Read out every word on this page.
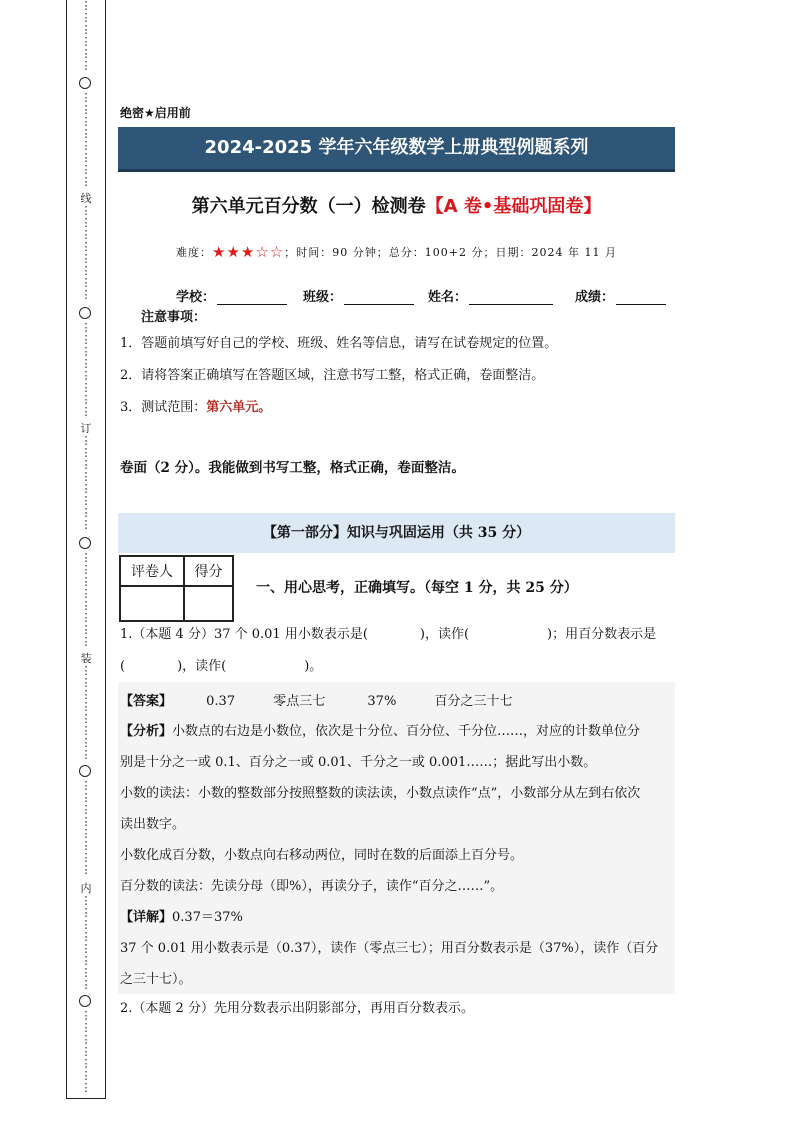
⋮
⋮
⋮
⋮
⋮
⋮
⋮
⋮
⋮
⋮
⋮
⋮
⋮
⋮
⋮
⋮
⋮
⋮
⋮
⋮
⋮
⋮
⋮
⋮
⋮
⋮
⋮
⋮
⋮
⋮
⋮
⋮
⋮
⋮
⋮
⋮
⋮
⋮
⋮
⋮
⋮
⋮
⋮
⋮
⋮
⋮
⋮
⋮
⋮
⋮
⋮
⋮
⋮
⋮
⋮
⋮
⋮
⋮
⋮
⋮
⋮
⋮
⋮
⋮
⋮
⋮
⋮
⋮
⋮
⋮
⋮
⋮
⋮
⋮
⋮
⋮
⋮
线
订
装
内
绝密★启用前
2024-2025 学年六年级数学上册典型例题系列
第六单元百分数（一）检测卷【A 卷•基础巩固卷】
难度：★★★☆☆；时间：90 分钟；总分：100+2 分；日期：2024 年 11 月
学校：	班级：	姓名：	成绩：
注意事项：
1．答题前填写好自己的学校、班级、姓名等信息，请写在试卷规定的位置。
2．请将答案正确填写在答题区域，注意书写工整，格式正确，卷面整洁。
3．测试范围：第六单元。
卷面（2 分）。我能做到书写工整，格式正确，卷面整洁。
【第一部分】知识与巩固运用（共 35 分）
评卷人	得分

一、用心思考，正确填写。（每空 1 分，共 25 分）
1.（本题 4 分）37 个 0.01 用小数表示是(　　　　)，读作(　　　　　　)；用百分数表示是
(　　　　)，读作(　　　　　　)。
【答案】	0.37	零点三七	37%	百分之三十七
【分析】小数点的右边是小数位，依次是十分位、百分位、千分位……，对应的计数单位分
别是十分之一或 0.1、百分之一或 0.01、千分之一或 0.001……；据此写出小数。
小数的读法：小数的整数部分按照整数的读法读，小数点读作“点”，小数部分从左到右依次
读出数字。
小数化成百分数，小数点向右移动两位，同时在数的后面添上百分号。
百分数的读法：先读分母（即%），再读分子，读作“百分之……”。
【详解】0.37＝37%
37 个 0.01 用小数表示是（0.37），读作（零点三七）；用百分数表示是（37%），读作（百分
之三十七）。
2.（本题 2 分）先用分数表示出阴影部分，再用百分数表示。
